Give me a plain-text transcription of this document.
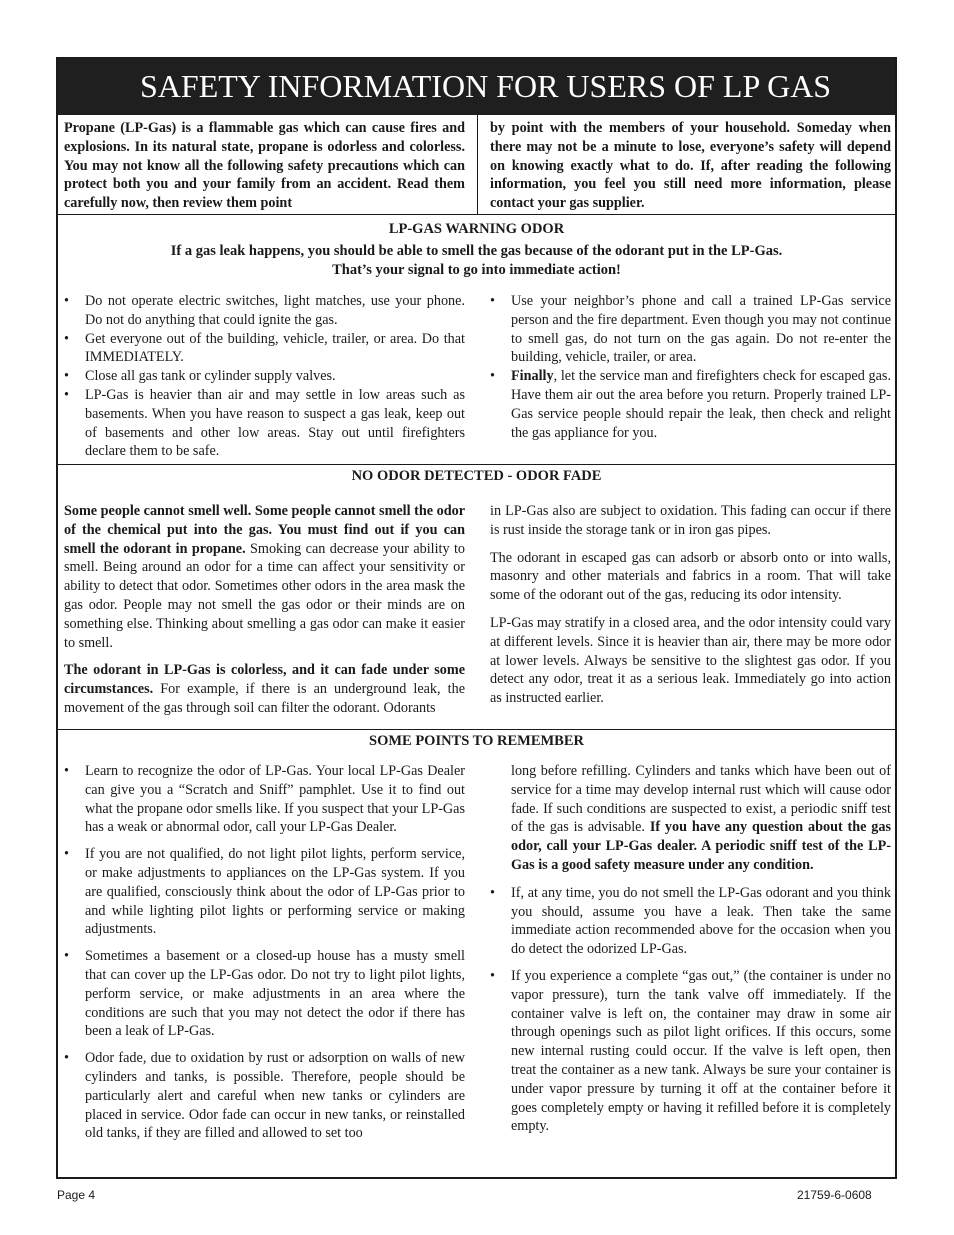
SAFETY INFORMATION FOR USERS OF LP GAS

Propane (LP-Gas) is a flammable gas which can cause fires and explosions. In its natural state, propane is odorless and colorless. You may not know all the following safety precautions which can protect both you and your family from an accident. Read them carefully now, then review them point

by point with the members of your household. Someday when there may not be a minute to lose, everyone’s safety will depend on knowing exactly what to do. If, after reading the following information, you feel you still need more information, please contact your gas supplier.

LP-GAS WARNING ODOR
If a gas leak happens, you should be able to smell the gas because of the odorant put in the LP-Gas.
That’s your signal to go into immediate action!
• Do not operate electric switches, light matches, use your phone. Do not do anything that could ignite the gas.
• Get everyone out of the building, vehicle, trailer, or area. Do that IMMEDIATELY.
• Close all gas tank or cylinder supply valves.
• LP-Gas is heavier than air and may settle in low areas such as basements. When you have reason to suspect a gas leak, keep out of basements and other low areas. Stay out until firefighters declare them to be safe.
• Use your neighbor’s phone and call a trained LP-Gas service person and the fire department. Even though you may not continue to smell gas, do not turn on the gas again. Do not re-enter the building, vehicle, trailer, or area.
• Finally, let the service man and firefighters check for escaped gas. Have them air out the area before you return. Properly trained LP-Gas service people should repair the leak, then check and relight the gas appliance for you.
NO ODOR DETECTED - ODOR FADE

Some people cannot smell well. Some people cannot smell the odor of the chemical put into the gas. You must find out if you can smell the odorant in propane. Smoking can decrease your ability to smell. Being around an odor for a time can affect your sensitivity or ability to detect that odor. Sometimes other odors in the area mask the gas odor. People may not smell the gas odor or their minds are on something else. Thinking about smelling a gas odor can make it easier to smell.

The odorant in LP-Gas is colorless, and it can fade under some circumstances. For example, if there is an underground leak, the movement of the gas through soil can filter the odorant. Odorants

in LP-Gas also are subject to oxidation. This fading can occur if there is rust inside the storage tank or in iron gas pipes.

The odorant in escaped gas can adsorb or absorb onto or into walls, masonry and other materials and fabrics in a room. That will take some of the odorant out of the gas, reducing its odor intensity.

LP-Gas may stratify in a closed area, and the odor intensity could vary at different levels. Since it is heavier than air, there may be more odor at lower levels. Always be sensitive to the slightest gas odor. If you detect any odor, treat it as a serious leak. Immediately go into action as instructed earlier.

SOME POINTS TO REMEMBER
• Learn to recognize the odor of LP-Gas. Your local LP-Gas Dealer can give you a “Scratch and Sniff” pamphlet. Use it to find out what the propane odor smells like. If you suspect that your LP-Gas has a weak or abnormal odor, call your LP-Gas Dealer.
• If you are not qualified, do not light pilot lights, perform service, or make adjustments to appliances on the LP-Gas system. If you are qualified, consciously think about the odor of LP-Gas prior to and while lighting pilot lights or performing service or making adjustments.
• Sometimes a basement or a closed-up house has a musty smell that can cover up the LP-Gas odor. Do not try to light pilot lights, perform service, or make adjustments in an area where the conditions are such that you may not detect the odor if there has been a leak of LP-Gas.
• Odor fade, due to oxidation by rust or adsorption on walls of new cylinders and tanks, is possible. Therefore, people should be particularly alert and careful when new tanks or cylinders are placed in service. Odor fade can occur in new tanks, or reinstalled old tanks, if they are filled and allowed to set too

long before refilling. Cylinders and tanks which have been out of service for a time may develop internal rust which will cause odor fade. If such conditions are suspected to exist, a periodic sniff test of the gas is advisable. If you have any question about the gas odor, call your LP-Gas dealer. A periodic sniff test of the LP-Gas is a good safety measure under any condition.

• If, at any time, you do not smell the LP-Gas odorant and you think you should, assume you have a leak. Then take the same immediate action recommended above for the occasion when you do detect the odorized LP-Gas.
• If you experience a complete “gas out,” (the container is under no vapor pressure), turn the tank valve off immediately. If the container valve is left on, the container may draw in some air through openings such as pilot light orifices. If this occurs, some new internal rusting could occur. If the valve is left open, then treat the container as a new tank. Always be sure your container is under vapor pressure by turning it off at the container before it goes completely empty or having it refilled before it is completely empty.
Page 4	21759-6-0608
